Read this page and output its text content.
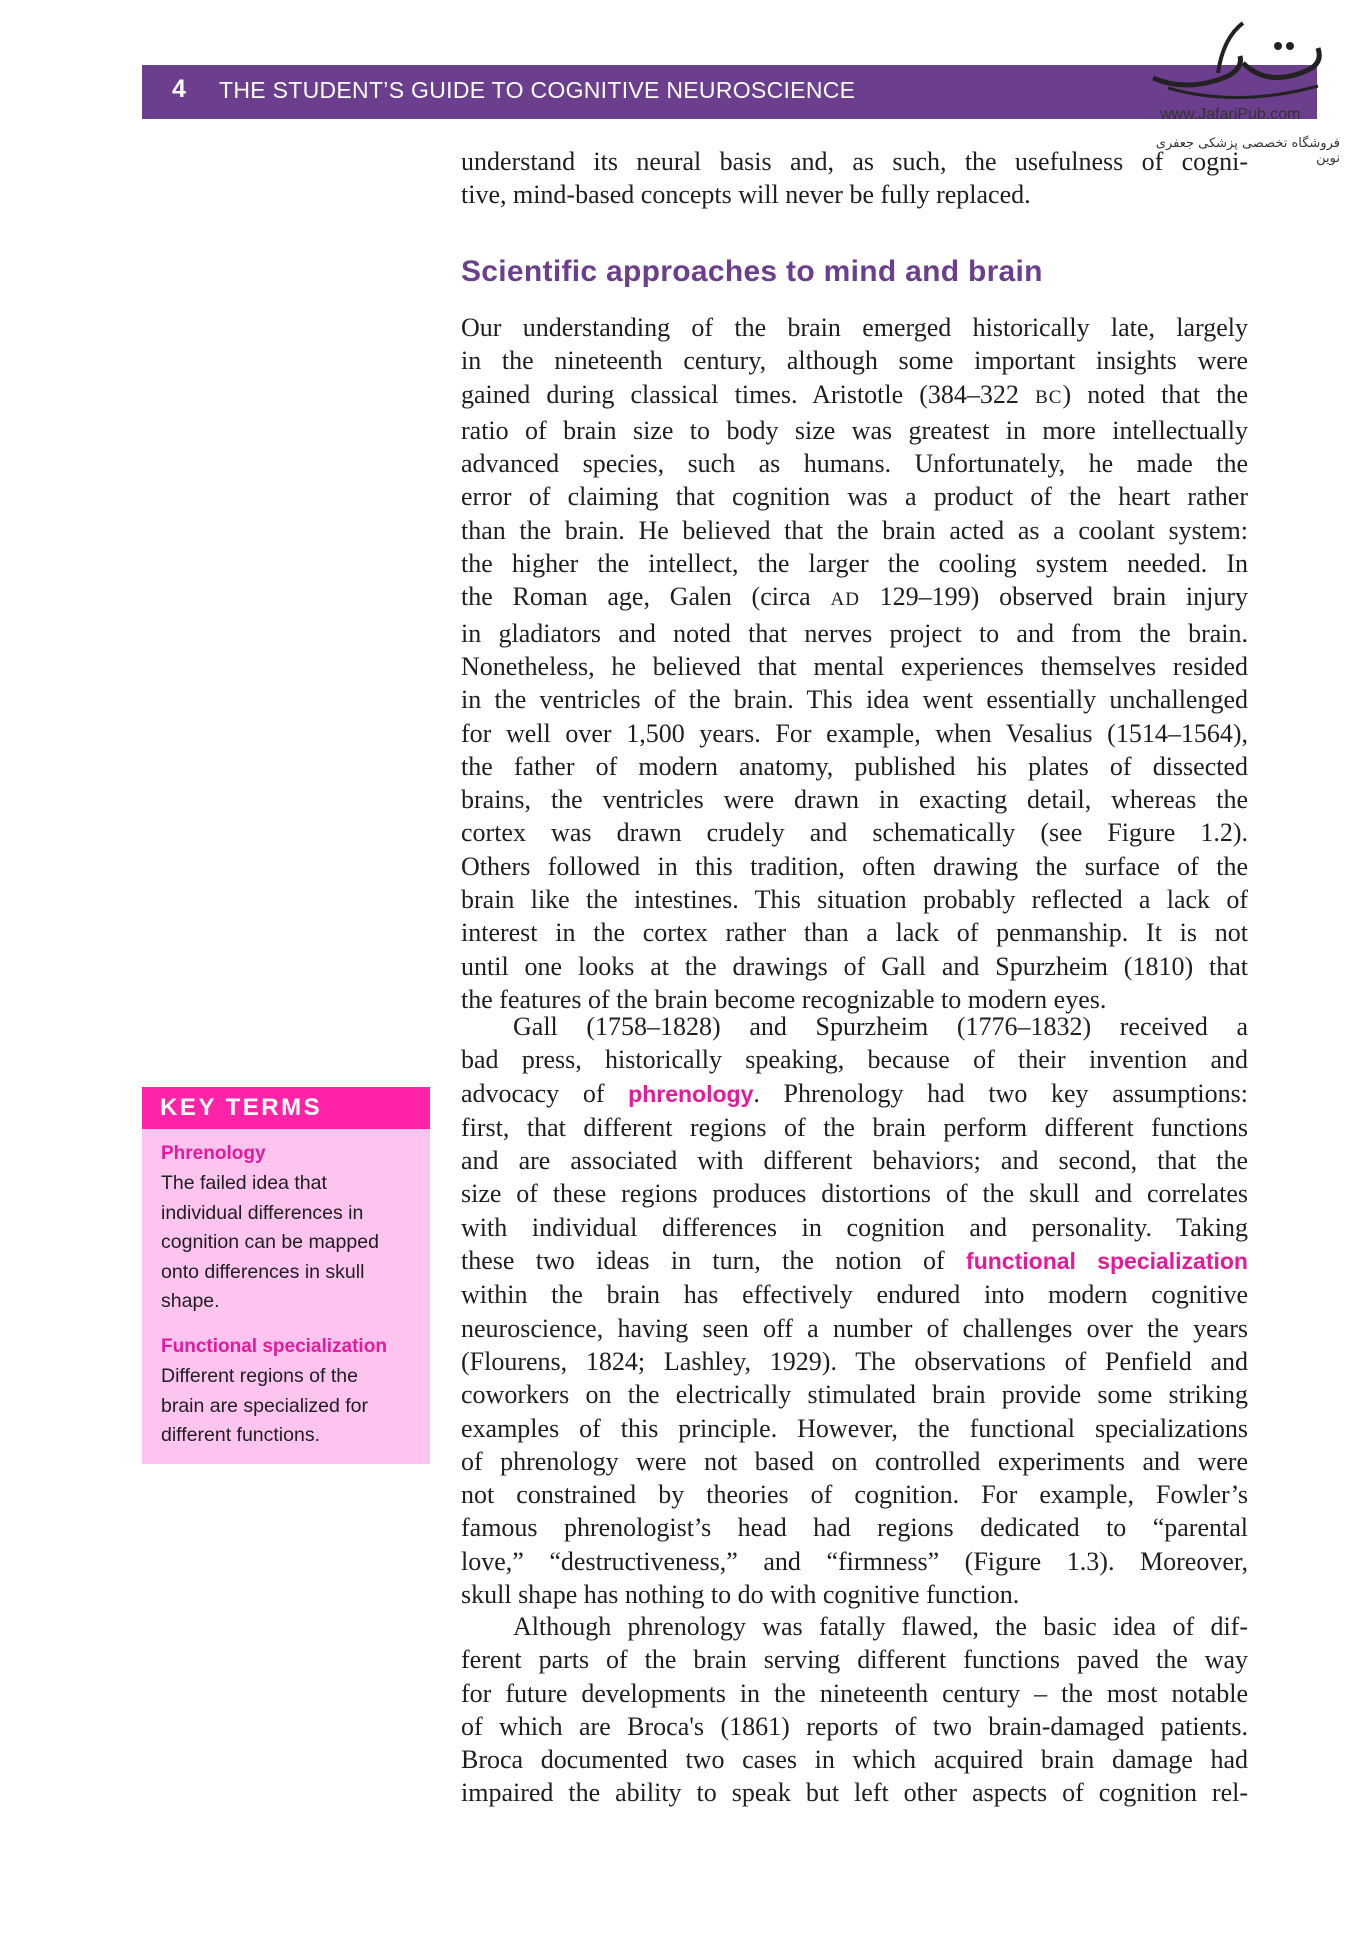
4 THE STUDENT’S GUIDE TO COGNITIVE NEUROSCIENCE
www.JafariPub.com
فروشگاه تخصصی پزشکی جعفری نوین

understand its neural basis and, as such, the usefulness of cogni-
tive, mind-based concepts will never be fully replaced.

Scientific approaches to mind and brain

Our understanding of the brain emerged historically late, largely
in the nineteenth century, although some important insights were
gained during classical times. Aristotle (384–322 BC) noted that the
ratio of brain size to body size was greatest in more intellectually
advanced species, such as humans. Unfortunately, he made the
error of claiming that cognition was a product of the heart rather
than the brain. He believed that the brain acted as a coolant system:
the higher the intellect, the larger the cooling system needed. In
the Roman age, Galen (circa AD 129–199) observed brain injury
in gladiators and noted that nerves project to and from the brain.
Nonetheless, he believed that mental experiences themselves resided
in the ventricles of the brain. This idea went essentially unchallenged
for well over 1,500 years. For example, when Vesalius (1514–1564),
the father of modern anatomy, published his plates of dissected
brains, the ventricles were drawn in exacting detail, whereas the
cortex was drawn crudely and schematically (see Figure 1.2).
Others followed in this tradition, often drawing the surface of the
brain like the intestines. This situation probably reflected a lack of
interest in the cortex rather than a lack of penmanship. It is not
until one looks at the drawings of Gall and Spurzheim (1810) that
the features of the brain become recognizable to modern eyes.

Gall (1758–1828) and Spurzheim (1776–1832) received a
bad press, historically speaking, because of their invention and
advocacy of phrenology. Phrenology had two key assumptions:
first, that different regions of the brain perform different functions
and are associated with different behaviors; and second, that the
size of these regions produces distortions of the skull and correlates
with individual differences in cognition and personality. Taking
these two ideas in turn, the notion of functional specialization
within the brain has effectively endured into modern cognitive
neuroscience, having seen off a number of challenges over the years
(Flourens, 1824; Lashley, 1929). The observations of Penfield and
coworkers on the electrically stimulated brain provide some striking
examples of this principle. However, the functional specializations
of phrenology were not based on controlled experiments and were
not constrained by theories of cognition. For example, Fowler’s
famous phrenologist’s head had regions dedicated to “parental
love,” “destructiveness,” and “firmness” (Figure 1.3). Moreover,
skull shape has nothing to do with cognitive function.

Although phrenology was fatally flawed, the basic idea of dif-
ferent parts of the brain serving different functions paved the way
for future developments in the nineteenth century – the most notable
of which are Broca's (1861) reports of two brain-damaged patients.
Broca documented two cases in which acquired brain damage had
impaired the ability to speak but left other aspects of cognition rel-

KEY TERMS
Phrenology
The failed idea that
individual differences in
cognition can be mapped
onto differences in skull
shape.
Functional specialization
Different regions of the
brain are specialized for
different functions.
